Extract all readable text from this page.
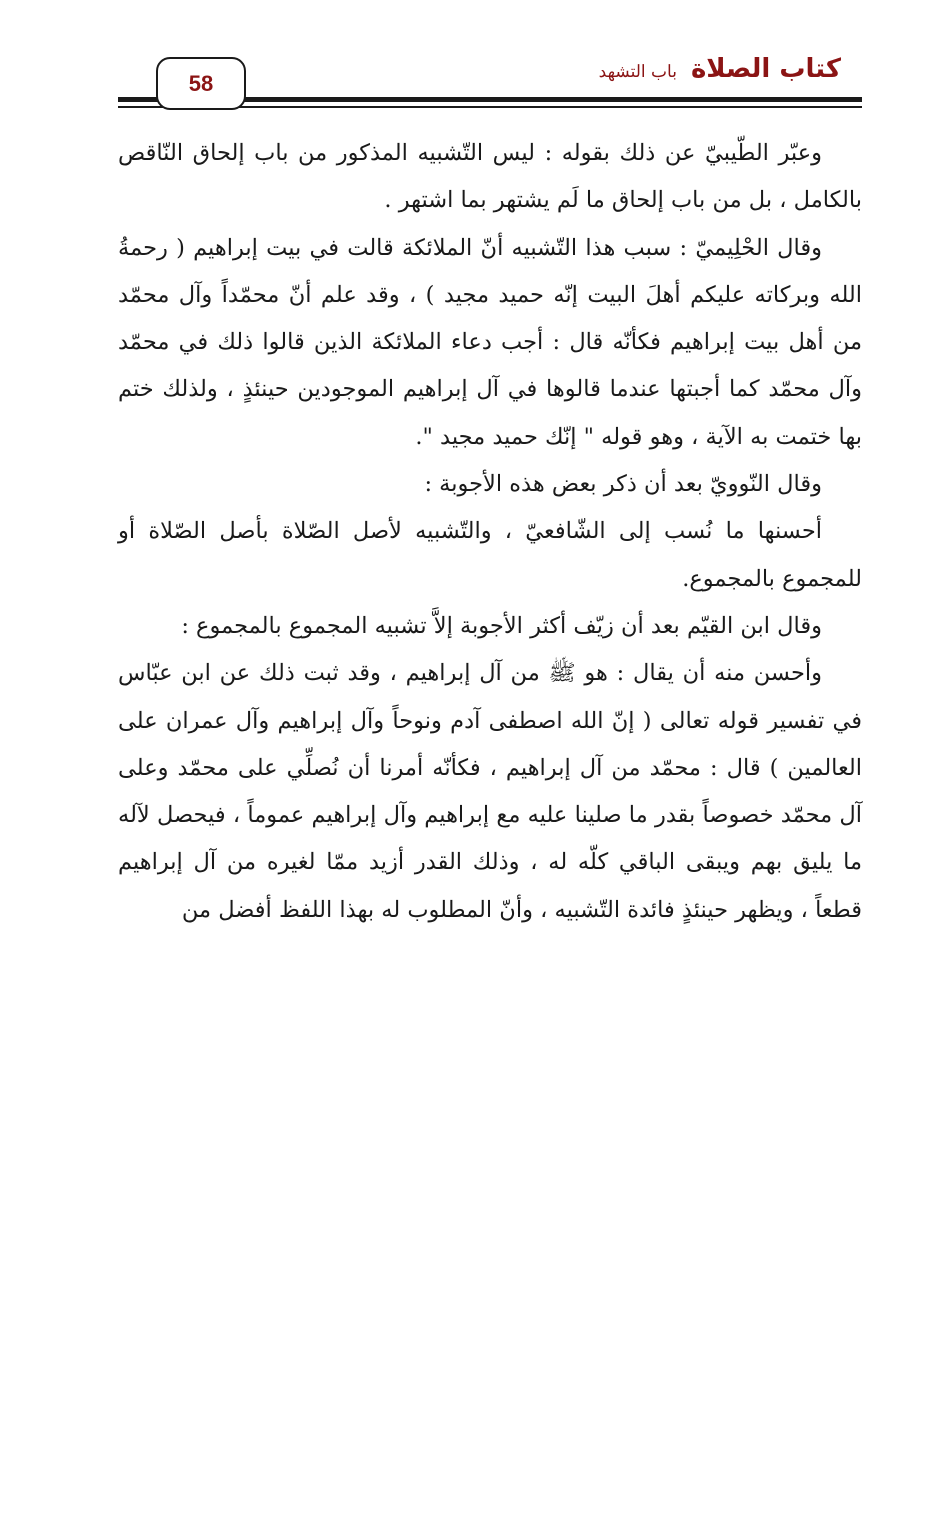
كتاب الصلاة
باب التشهد
58

وعبّر الطّيبيّ عن ذلك بقوله : ليس التّشبيه المذكور من باب إلحاق النّاقص بالكامل ، بل من باب إلحاق ما لَم يشتهر بما اشتهر .

وقال الحْلِيميّ : سبب هذا التّشبيه أنّ الملائكة قالت في بيت إبراهيم ( رحمةُ الله وبركاته عليكم أهلَ البيت إنّه حميد مجيد ) ، وقد علم أنّ محمّداً وآل محمّد من أهل بيت إبراهيم فكأنّه قال : أجب دعاء الملائكة الذين قالوا ذلك في محمّد وآل محمّد كما أجبتها عندما قالوها في آل إبراهيم الموجودين حينئذٍ ، ولذلك ختم بها ختمت به الآية ، وهو قوله " إنّك حميد مجيد ".

وقال النّوويّ بعد أن ذكر بعض هذه الأجوبة :

أحسنها ما نُسب إلى الشّافعيّ ، والتّشبيه لأصل الصّلاة بأصل الصّلاة أو للمجموع بالمجموع.

وقال ابن القيّم بعد أن زيّف أكثر الأجوبة إلاَّ تشبيه المجموع بالمجموع :

وأحسن منه أن يقال : هو ﷺ من آل إبراهيم ، وقد ثبت ذلك عن ابن عبّاس في تفسير قوله تعالى ( إنّ الله اصطفى آدم ونوحاً وآل إبراهيم وآل عمران على العالمين ) قال : محمّد من آل إبراهيم ، فكأنّه أمرنا أن نُصلِّي على محمّد وعلى آل محمّد خصوصاً بقدر ما صلينا عليه مع إبراهيم وآل إبراهيم عموماً ، فيحصل لآله ما يليق بهم ويبقى الباقي كلّه له ، وذلك القدر أزيد ممّا لغيره من آل إبراهيم قطعاً ، ويظهر حينئذٍ فائدة التّشبيه ، وأنّ المطلوب له بهذا اللفظ أفضل من
